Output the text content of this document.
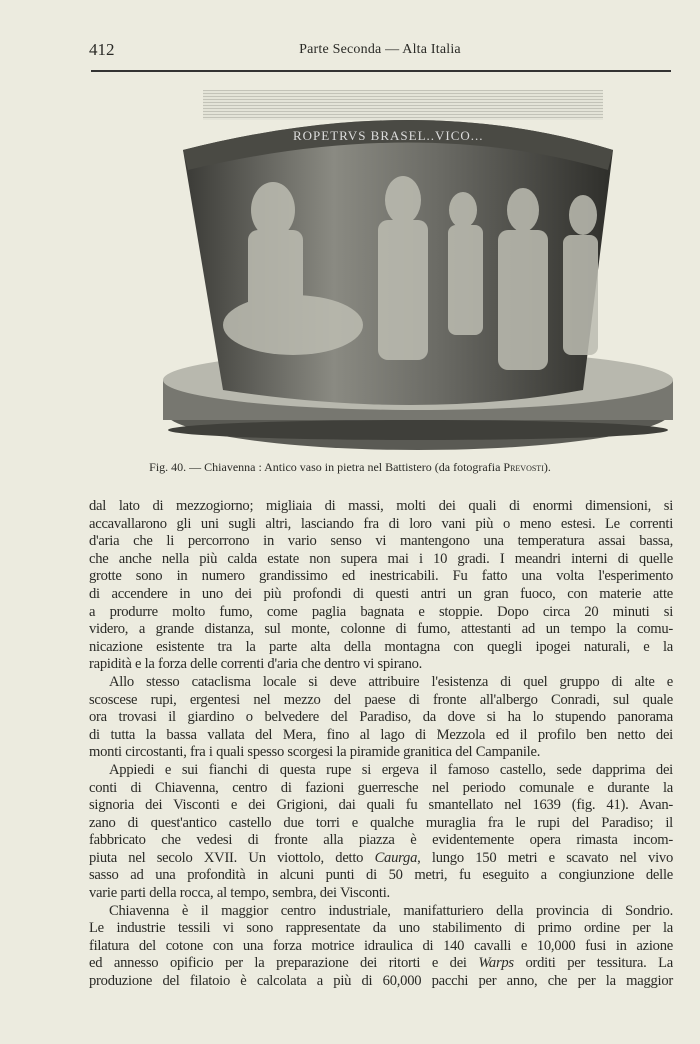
412	Parte Seconda — Alta Italia
ROPETRVS BRASEL..VICO...
Fig. 40. — Chiavenna : Antico vaso in pietra nel Battistero (da fotografia Prevosti).
dal lato di mezzogiorno; migliaia di massi, molti dei quali di enormi dimensioni, si
accavallarono gli uni sugli altri, lasciando fra di loro vani più o meno estesi. Le correnti
d'aria che li percorrono in vario senso vi mantengono una temperatura assai bassa,
che anche nella più calda estate non supera mai i 10 gradi. I meandri interni di quelle
grotte sono in numero grandissimo ed inestricabili. Fu fatto una volta l'esperimento
di accendere in uno dei più profondi di questi antri un gran fuoco, con materie atte
a produrre molto fumo, come paglia bagnata e stoppie. Dopo circa 20 minuti si
videro, a grande distanza, sul monte, colonne di fumo, attestanti ad un tempo la comu-
nicazione esistente tra la parte alta della montagna con quegli ipogei naturali, e la
rapidità e la forza delle correnti d'aria che dentro vi spirano.
Allo stesso cataclisma locale si deve attribuire l'esistenza di quel gruppo di alte e
scoscese rupi, ergentesi nel mezzo del paese di fronte all'albergo Conradi, sul quale
ora trovasi il giardino o belvedere del Paradiso, da dove si ha lo stupendo panorama
di tutta la bassa vallata del Mera, fino al lago di Mezzola ed il profilo ben netto dei
monti circostanti, fra i quali spesso scorgesi la piramide granitica del Campanile.
Appiedi e sui fianchi di questa rupe si ergeva il famoso castello, sede dapprima dei
conti di Chiavenna, centro di fazioni guerresche nel periodo comunale e durante la
signoria dei Visconti e dei Grigioni, dai quali fu smantellato nel 1639 (fig. 41). Avan-
zano di quest'antico castello due torri e qualche muraglia fra le rupi del Paradiso; il
fabbricato che vedesi di fronte alla piazza è evidentemente opera rimasta incom-
piuta nel secolo XVII. Un viottolo, detto Caurga, lungo 150 metri e scavato nel vivo
sasso ad una profondità in alcuni punti di 50 metri, fu eseguito a congiunzione delle
varie parti della rocca, al tempo, sembra, dei Visconti.
Chiavenna è il maggior centro industriale, manifatturiero della provincia di Sondrio.
Le industrie tessili vi sono rappresentate da uno stabilimento di primo ordine per la
filatura del cotone con una forza motrice idraulica di 140 cavalli e 10,000 fusi in azione
ed annesso opificio per la preparazione dei ritorti e dei Warps orditi per tessitura. La
produzione del filatoio è calcolata a più di 60,000 pacchi per anno, che per la maggior
